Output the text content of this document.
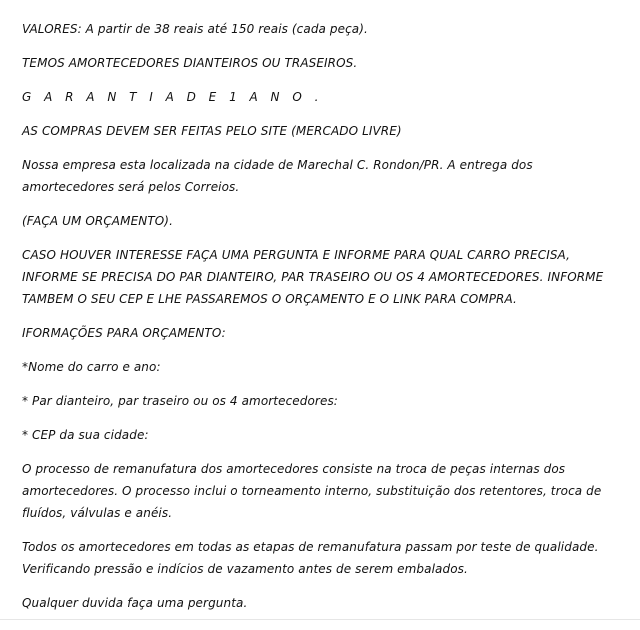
VALORES: A partir de 38 reais até 150 reais (cada peça).

TEMOS AMORTECEDORES DIANTEIROS OU TRASEIROS.

G A R A N T I A D E 1 A N O .

AS COMPRAS DEVEM SER FEITAS PELO SITE (MERCADO LIVRE)

Nossa empresa esta localizada na cidade de Marechal C. Rondon/PR. A entrega dos amortecedores será pelos Correios.

(FAÇA UM ORÇAMENTO).

CASO HOUVER INTERESSE FAÇA UMA PERGUNTA E INFORME PARA QUAL CARRO PRECISA, INFORME SE PRECISA DO PAR DIANTEIRO, PAR TRASEIRO OU OS 4 AMORTECEDORES. INFORME TAMBEM O SEU CEP E LHE PASSAREMOS O ORÇAMENTO E O LINK PARA COMPRA.

IFORMAÇÕES PARA ORÇAMENTO:

*Nome do carro e ano:

* Par dianteiro, par traseiro ou os 4 amortecedores:

* CEP da sua cidade:

O processo de remanufatura dos amortecedores consiste na troca de peças internas dos amortecedores. O processo inclui o torneamento interno, substituição dos retentores, troca de fluídos, válvulas e anéis.

Todos os amortecedores em todas as etapas de remanufatura passam por teste de qualidade. Verificando pressão e indícios de vazamento antes de serem embalados.

Qualquer duvida faça uma pergunta.
